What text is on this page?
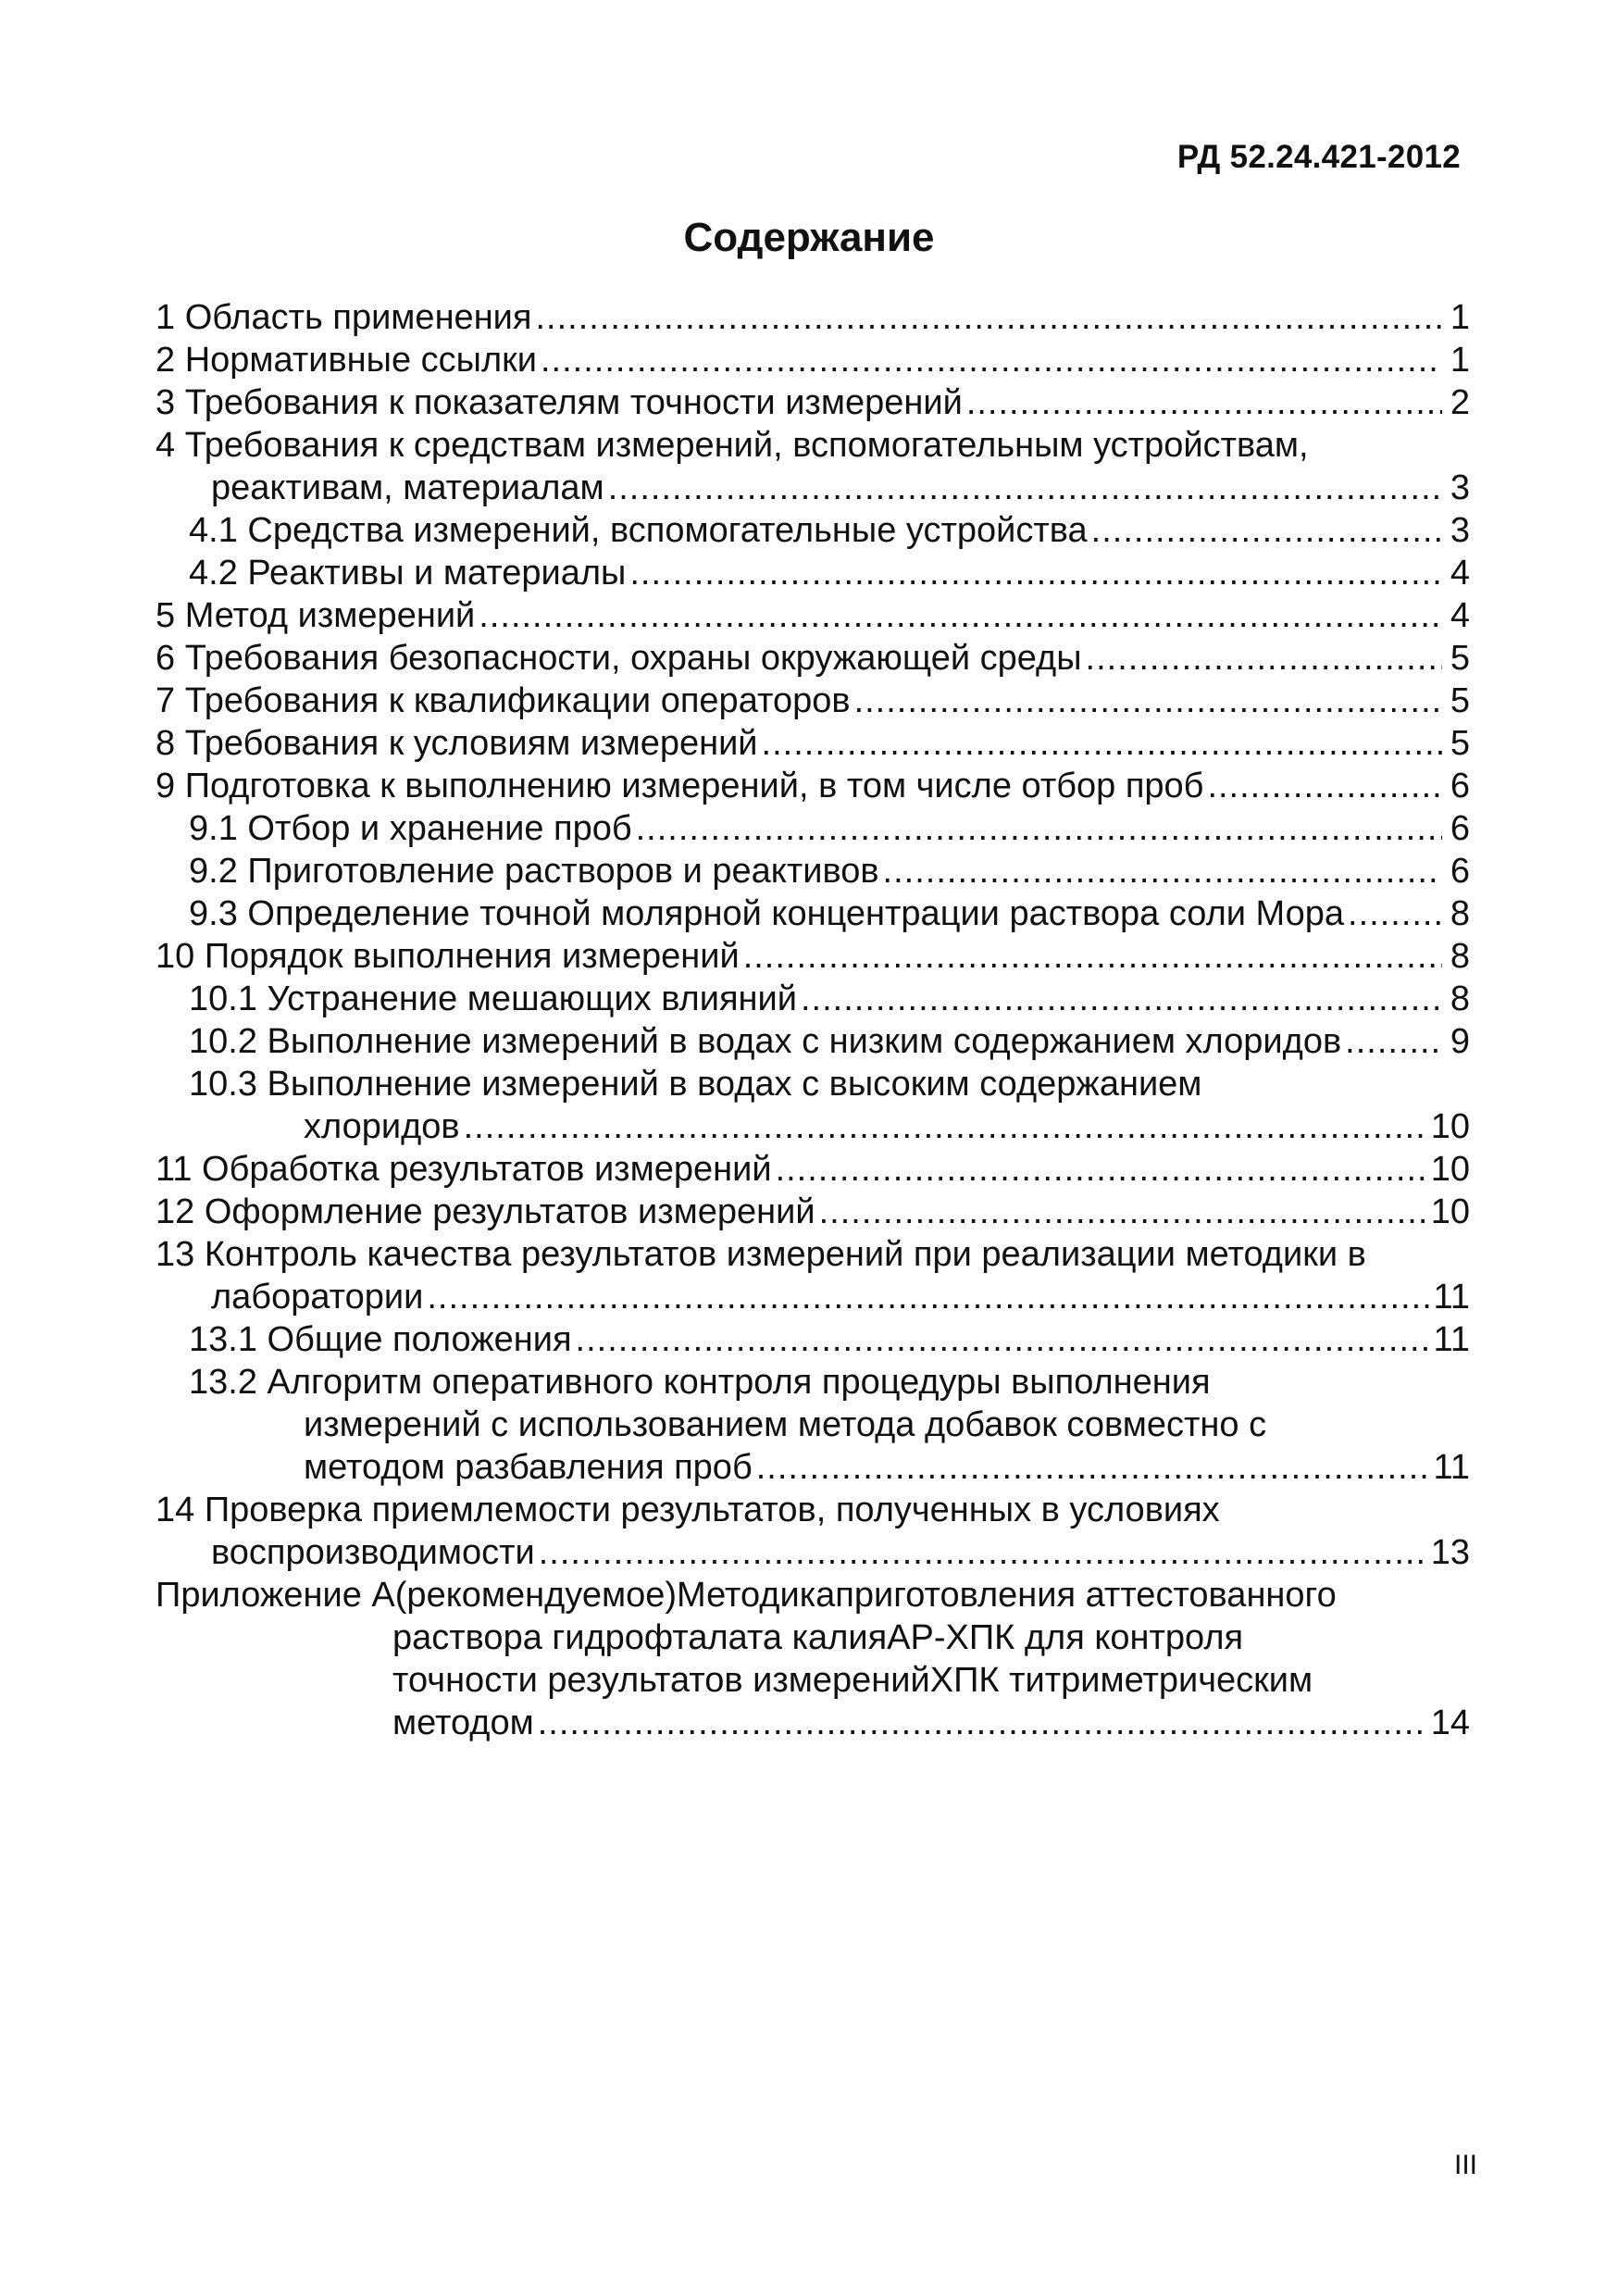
РД 52.24.421-2012
Содержание
1 Область применения .....	1
2 Нормативные ссылки .....	1
3 Требования к показателям точности измерений .....	2
4 Требования к средствам измерений, вспомогательным устройствам,
реактивам, материалам .....	3
4.1 Средства измерений, вспомогательные устройства .....	3
4.2 Реактивы и материалы .....	4
5 Метод измерений .....	4
6 Требования безопасности, охраны окружающей среды .....	5
7 Требования к квалификации операторов .....	5
8 Требования к условиям измерений .....	5
9 Подготовка к выполнению измерений, в том числе отбор проб .....	6
9.1 Отбор и хранение проб .....	6
9.2 Приготовление растворов и реактивов .....	6
9.3 Определение точной молярной концентрации раствора соли Мора .....	8
10 Порядок выполнения измерений .....	8
10.1 Устранение мешающих влияний .....	8
10.2 Выполнение измерений в водах с низким содержанием хлоридов .....	9
10.3 Выполнение измерений в водах с высоким содержанием
хлоридов .....	10
11 Обработка результатов измерений .....	10
12 Оформление результатов измерений .....	10
13 Контроль качества результатов измерений при реализации методики в
лаборатории .....	11
13.1 Общие положения .....	11
13.2 Алгоритм оперативного контроля процедуры выполнения
измерений с использованием метода добавок совместно с
методом разбавления проб .....	11
14 Проверка приемлемости результатов, полученных в условиях
воспроизводимости .....	13
Приложение А(рекомендуемое)Методикаприготовления аттестованного
раствора гидрофталата калияАР-ХПК для контроля
точности результатов измеренийХПК титриметрическим
методом .....	14
III
